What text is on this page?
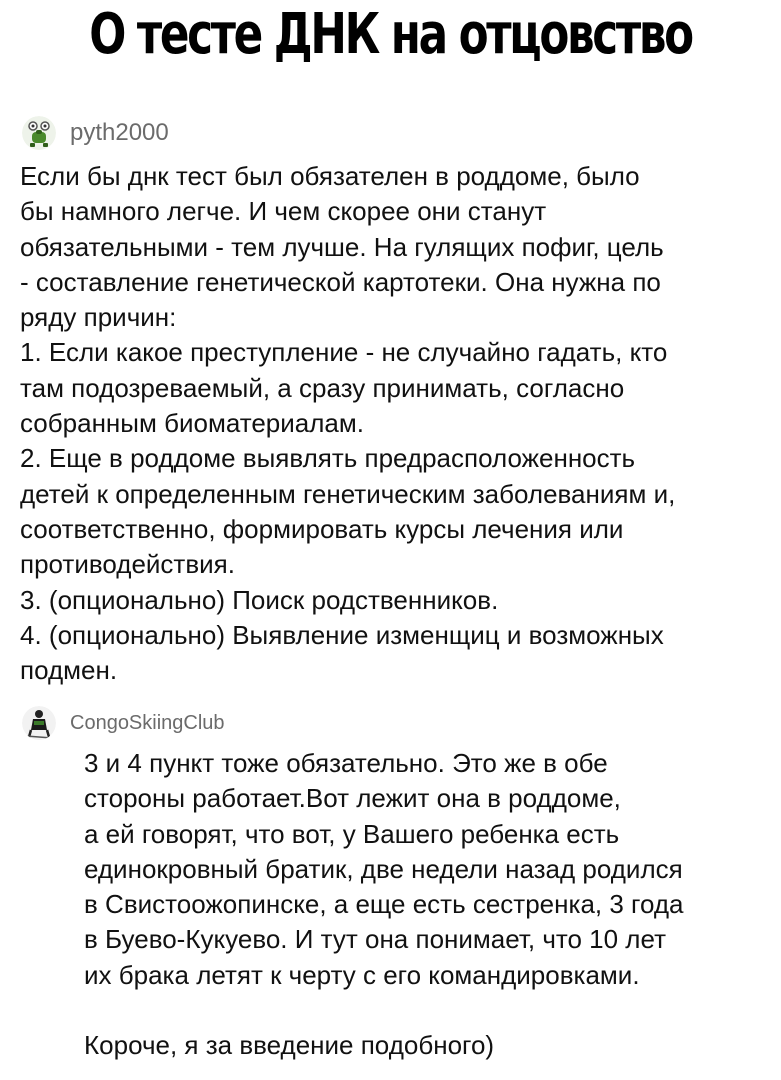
О тесте ДНК на отцовство
pyth2000
Если бы днк тест был обязателен в роддоме, было
бы намного легче. И чем скорее они станут
обязательными - тем лучше. На гулящих пофиг, цель
- составление генетической картотеки. Она нужна по
ряду причин:
1. Если какое преступление - не случайно гадать, кто
там подозреваемый, а сразу принимать, согласно
собранным биоматериалам.
2. Еще в роддоме выявлять предрасположенность
детей к определенным генетическим заболеваниям и,
соответственно, формировать курсы лечения или
противодействия.
3. (опционально) Поиск родственников.
4. (опционально) Выявление изменщиц и возможных
подмен.
CongoSkiingClub
3 и 4 пункт тоже обязательно. Это же в обе
стороны работает.Вот лежит она в роддоме,
а ей говорят, что вот, у Вашего ребенка есть
единокровный братик, две недели назад родился
в Свистоожопинске, а еще есть сестренка, 3 года
в Буево-Кукуево. И тут она понимает, что 10 лет
их брака летят к черту с его командировками.
Короче, я за введение подобного)
